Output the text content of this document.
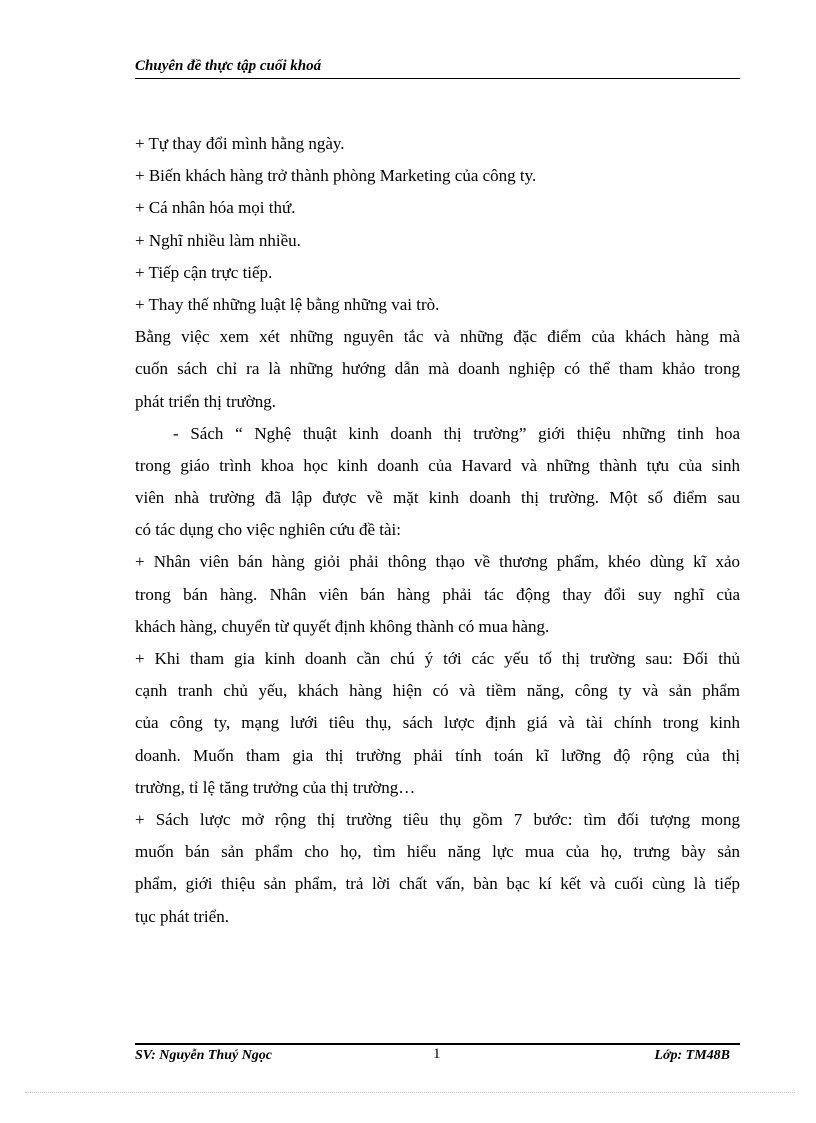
Chuyên đề thực tập cuối khoá
+ Tự thay đổi mình hằng ngày.
+ Biến khách hàng trở thành phòng Marketing của công ty.
+ Cá nhân hóa mọi thứ.
+ Nghĩ nhiều làm nhiều.
+ Tiếp cận trực tiếp.
+ Thay thế những luật lệ bằng những vai trò.
Bằng việc xem xét những nguyên tắc và những đặc điểm của khách hàng mà
cuốn sách chỉ ra là những hướng dẫn mà doanh nghiệp có thể tham khảo trong
phát triển thị trường.
- Sách “ Nghệ thuật kinh doanh thị trường” giới thiệu những tinh hoa
trong giáo trình khoa học kinh doanh của Havard và những thành tựu của sinh
viên nhà trường đã lập được về mặt kinh doanh thị trường. Một số điểm sau
có tác dụng cho việc nghiên cứu đề tài:
+ Nhân viên bán hàng giỏi phải thông thạo về thương phẩm, khéo dùng kĩ xảo
trong bán hàng. Nhân viên bán hàng phải tác động thay đổi suy nghĩ của
khách hàng, chuyển từ quyết định không thành có mua hàng.
+ Khi tham gia kinh doanh cần chú ý tới các yếu tố thị trường sau: Đối thủ
cạnh tranh chủ yếu, khách hàng hiện có và tiềm năng, công ty và sản phẩm
của công ty, mạng lưới tiêu thụ, sách lược định giá và tài chính trong kinh
doanh. Muốn tham gia thị trường phải tính toán kĩ lưỡng độ rộng của thị
trường, tỉ lệ tăng trưởng của thị trường…
+ Sách lược mở rộng thị trường tiêu thụ gồm 7 bước: tìm đối tượng mong
muốn bán sản phẩm cho họ, tìm hiểu năng lực mua của họ, trưng bày sản
phẩm, giới thiệu sản phẩm, trả lời chất vấn, bàn bạc kí kết và cuối cùng là tiếp
tục phát triển.
SV: Nguyễn Thuý Ngọc	1	Lớp: TM48B
